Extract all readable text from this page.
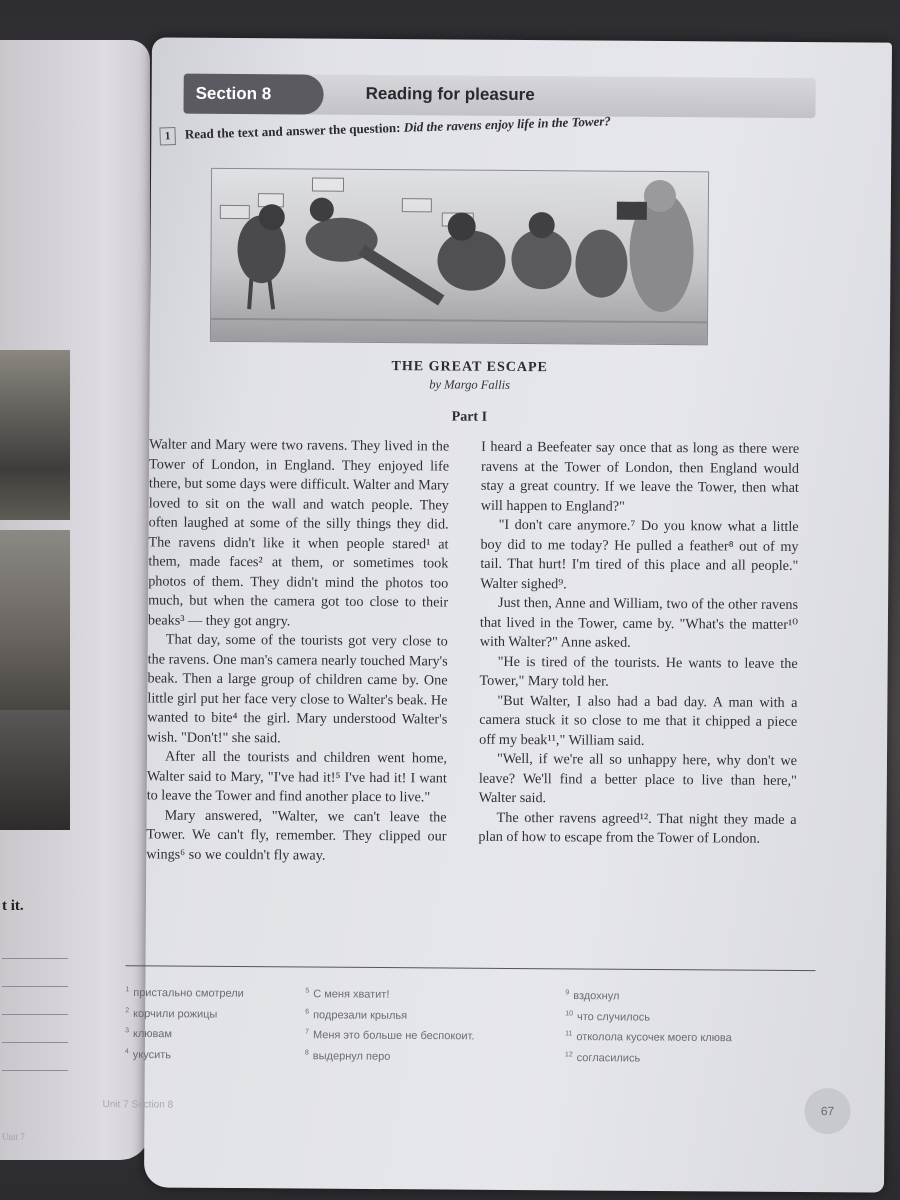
t it.
Unit 7
Section 8	Reading for pleasure
1 Read the text and answer the question: Did the ravens enjoy life in the Tower?
THE GREAT ESCAPE
by Margo Fallis
Part I

Walter and Mary were two ravens. They lived in the Tower of London, in England. They enjoyed life there, but some days were difficult. Walter and Mary loved to sit on the wall and watch people. They often laughed at some of the silly things they did. The ravens didn't like it when people stared¹ at them, made faces² at them, or sometimes took photos of them. They didn't mind the photos too much, but when the camera got too close to their beaks³ — they got angry.

That day, some of the tourists got very close to the ravens. One man's camera nearly touched Mary's beak. Then a large group of children came by. One little girl put her face very close to Walter's beak. He wanted to bite⁴ the girl. Mary understood Walter's wish. "Don't!" she said.

After all the tourists and children went home, Walter said to Mary, "I've had it!⁵ I've had it! I want to leave the Tower and find another place to live."

Mary answered, "Walter, we can't leave the Tower. We can't fly, remember. They clipped our wings⁶ so we couldn't fly away.

I heard a Beefeater say once that as long as there were ravens at the Tower of London, then England would stay a great country. If we leave the Tower, then what will happen to England?"

"I don't care anymore.⁷ Do you know what a little boy did to me today? He pulled a feather⁸ out of my tail. That hurt! I'm tired of this place and all people." Walter sighed⁹.

Just then, Anne and William, two of the other ravens that lived in the Tower, came by. "What's the matter¹⁰ with Walter?" Anne asked.

"He is tired of the tourists. He wants to leave the Tower," Mary told her.

"But Walter, I also had a bad day. A man with a camera stuck it so close to me that it chipped a piece off my beak¹¹," William said.

"Well, if we're all so unhappy here, why don't we leave? We'll find a better place to live than here," Walter said.

The other ravens agreed¹². That night they made a plan of how to escape from the Tower of London.

$^1$ пристально смотрели
$^2$ корчили рожицы
$^3$ клювам
$^4$ укусить
$^5$ С меня хватит!
$^6$ подрезали крылья
$^7$ Меня это больше не беспокоит.
$^8$ выдернул перо
$^9$ вздохнул
$^{10}$ что случилось
$^{11}$ отколола кусочек моего клюва
$^{12}$ согласились
Unit 7 Section 8	67
